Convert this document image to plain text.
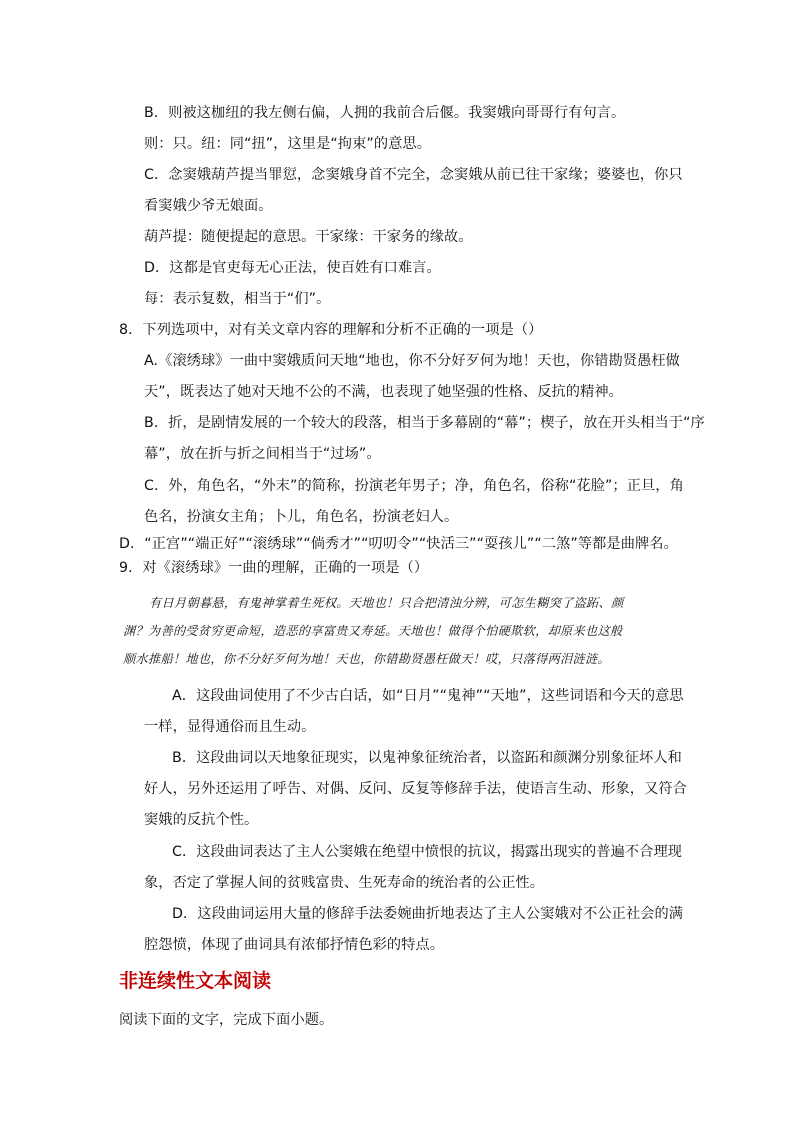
B．则被这枷纽的我左侧右偏，人拥的我前合后偃。我窦娥向哥哥行有句言。
则：只。纽：同“扭”，这里是“拘束”的意思。
C．念窦娥葫芦提当罪愆，念窦娥身首不完全，念窦娥从前已往干家缘；婆婆也，你只
看窦娥少爷无娘面。
葫芦提：随便提起的意思。干家缘：干家务的缘故。
D．这都是官吏每无心正法，使百姓有口难言。
每：表示复数，相当于“们”。
8．下列选项中，对有关文章内容的理解和分析不正确的一项是（）
A.《滚绣球》一曲中窦娥质问天地“地也，你不分好歹何为地！天也，你错勘贤愚枉做
天”，既表达了她对天地不公的不满，也表现了她坚强的性格、反抗的精神。
B．折，是剧情发展的一个较大的段落，相当于多幕剧的“幕”；楔子，放在开头相当于“序
幕”，放在折与折之间相当于“过场”。
C．外，角色名，“外末”的简称，扮演老年男子；净，角色名，俗称“花脸”；正旦，角
色名，扮演女主角；卜儿，角色名，扮演老妇人。
D．“正宫”“端正好”“滚绣球”“倘秀才”“叨叨令”“快活三”“耍孩儿”“二煞”等都是曲牌名。
9．对《滚绣球》一曲的理解，正确的一项是（）
有日月朝暮悬，有鬼神掌着生死权。天地也！只合把清浊分辨，可怎生糊突了盗跖、颜
渊？为善的受贫穷更命短，造恶的享富贵又寿延。天地也！做得个怕硬欺软，却原来也这般
顺水推船！地也，你不分好歹何为地！天也，你错勘贤愚枉做天！哎，只落得两泪涟涟。
A．这段曲词使用了不少古白话，如“日月”“鬼神”“天地”，这些词语和今天的意思
一样，显得通俗而且生动。
B．这段曲词以天地象征现实，以鬼神象征统治者，以盗跖和颜渊分别象征坏人和
好人，另外还运用了呼告、对偶、反问、反复等修辞手法，使语言生动、形象，又符合
窦娥的反抗个性。
C．这段曲词表达了主人公窦娥在绝望中愤恨的抗议，揭露出现实的普遍不合理现
象，否定了掌握人间的贫贱富贵、生死寿命的统治者的公正性。
D．这段曲词运用大量的修辞手法委婉曲折地表达了主人公窦娥对不公正社会的满
腔怨愤，体现了曲词具有浓郁抒情色彩的特点。
非连续性文本阅读
阅读下面的文字，完成下面小题。
